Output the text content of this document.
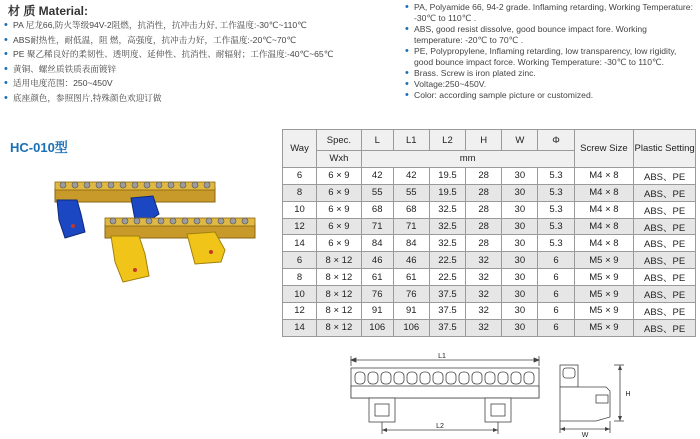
材 质 Material:
• PA 尼龙66,防火等级94V-2阻燃，抗消性，抗冲击力好, 工作温度:-30℃~110℃
• ABS耐热性，耐低温，阻 燃，高强度，抗冲击力好，工作温度:-20℃~70℃
• PE 聚乙稀良好的柔韧性、透明度、延伸性、抗消性、耐辐射；工作温度:-40℃~65℃
• 黄铜、螺丝质铁质表面镀锌
• 适用电度范围：250~450V
• 底座颜色，参照图片,特殊颜色欢迎订做
• PA, Polyamide 66, 94-2 grade. Inflaming retarding, Working Temperature: -30℃ to 110℃ .
• ABS, good resist dissolve, good bounce impact fore. Working temperature: -20℃ to 70℃ .
• PE, Polypropylene, Inflaming retarding, low transparency, low rigidity, good bounce impact force. Working Temperature: -30℃ to 110℃.
• Brass. Screw is iron plated zinc.
• Voltage:250~450V.
• Color: according sample picture or customized.
HC-010型	Way	Spec.	L	L1	L2	H	W	Φ	Screw Size	Plastic Setting
	Wxh	mm							
6	6 × 9	42	42	19.5	28	30	5.3	M4 × 8	ABS、PE
8	6 × 9	55	55	19.5	28	30	5.3	M4 × 8	ABS、PE
10	6 × 9	68	68	32.5	28	30	5.3	M4 × 8	ABS、PE
12	6 × 9	71	71	32.5	28	30	5.3	M4 × 8	ABS、PE
14	6 × 9	84	84	32.5	28	30	5.3	M4 × 8	ABS、PE
6	8 × 12	46	46	22.5	32	30	6	M5 × 9	ABS、PE
8	8 × 12	61	61	22.5	32	30	6	M5 × 9	ABS、PE
10	8 × 12	76	76	37.5	32	30	6	M5 × 9	ABS、PE
12	8 × 12	91	91	37.5	32	30	6	M5 × 9	ABS、PE
14	8 × 12	106	106	37.5	32	30	6	M5 × 9	ABS、PE
L1
L2
W
H
